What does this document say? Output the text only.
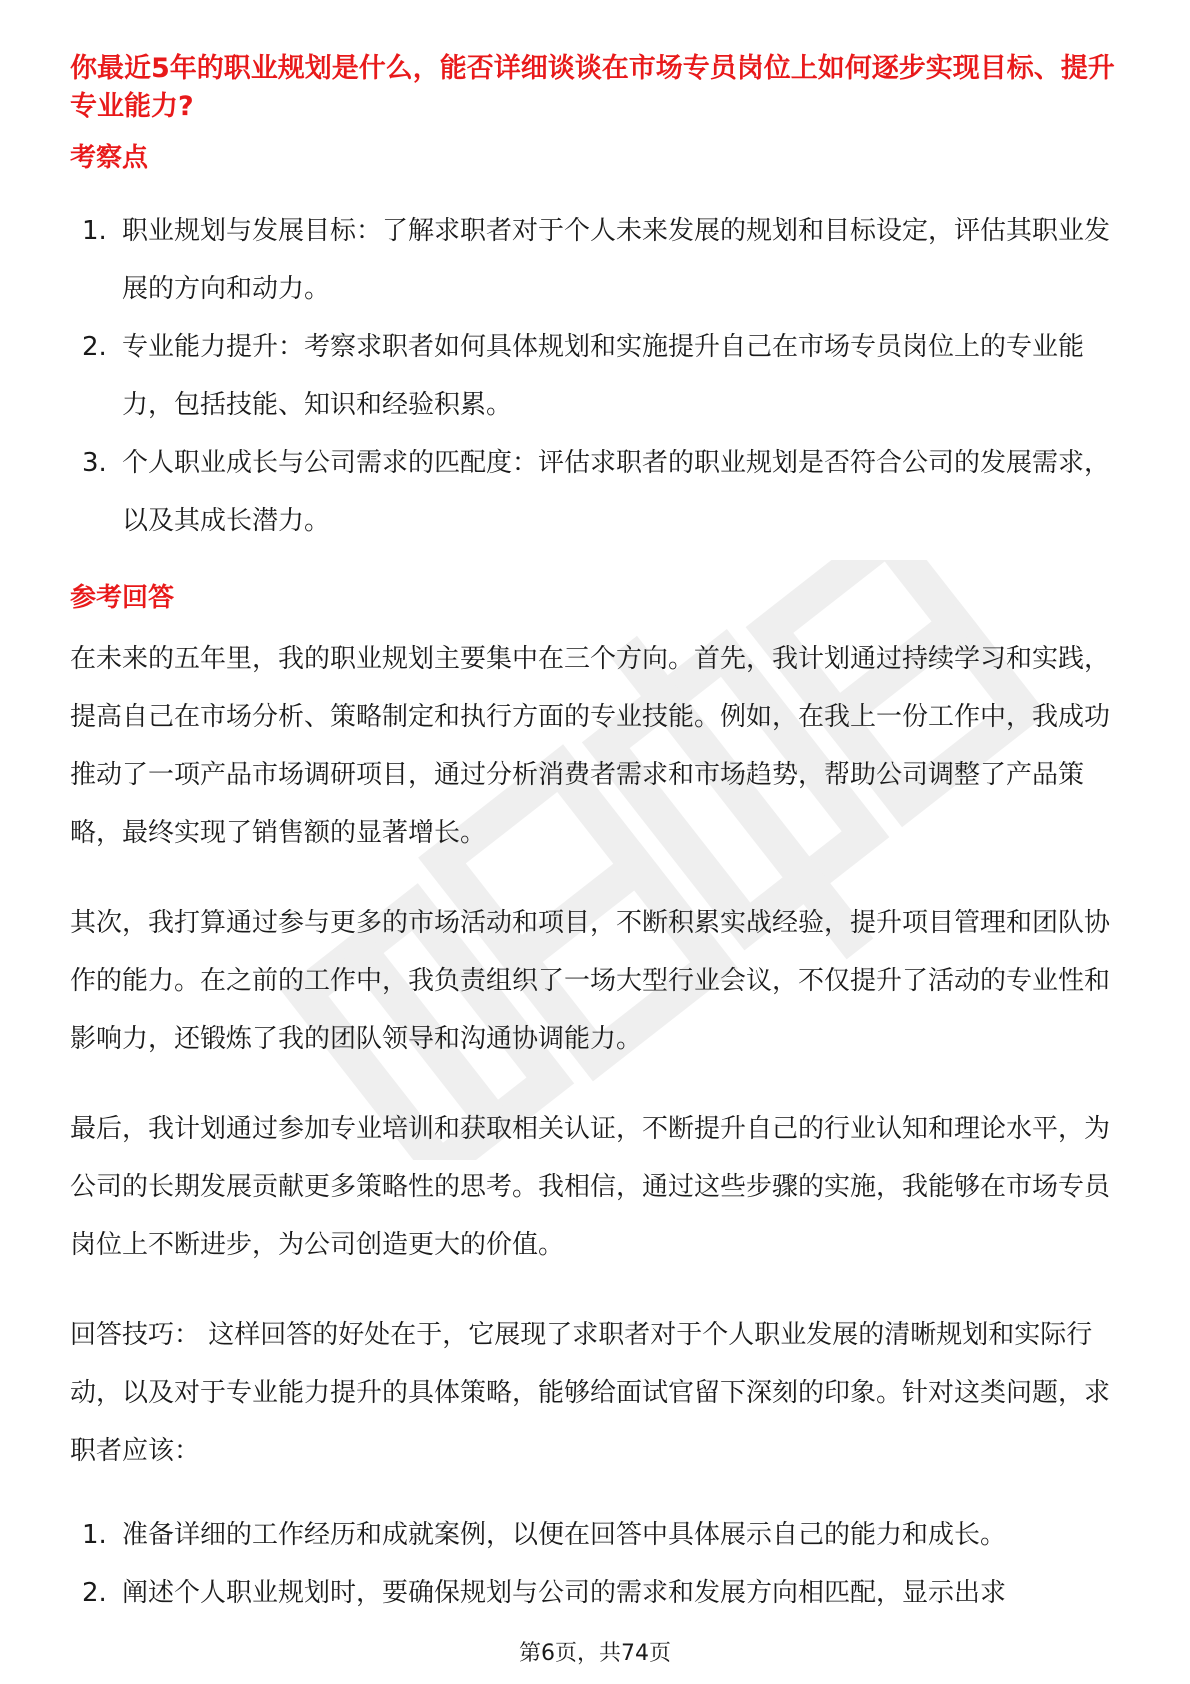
你最近5年的职业规划是什么，能否详细谈谈在市场专员岗位上如何逐步实现目标、提升专业能力?
考察点
1. 职业规划与发展目标：了解求职者对于个人未来发展的规划和目标设定，评估其职业发展的方向和动力。
2. 专业能力提升：考察求职者如何具体规划和实施提升自己在市场专员岗位上的专业能力，包括技能、知识和经验积累。
3. 个人职业成长与公司需求的匹配度：评估求职者的职业规划是否符合公司的发展需求，以及其成长潜力。
参考回答

在未来的五年里，我的职业规划主要集中在三个方向。首先，我计划通过持续学习和实践，提高自己在市场分析、策略制定和执行方面的专业技能。例如，在我上一份工作中，我成功推动了一项产品市场调研项目，通过分析消费者需求和市场趋势，帮助公司调整了产品策略，最终实现了销售额的显著增长。

其次，我打算通过参与更多的市场活动和项目，不断积累实战经验，提升项目管理和团队协作的能力。在之前的工作中，我负责组织了一场大型行业会议，不仅提升了活动的专业性和影响力，还锻炼了我的团队领导和沟通协调能力。

最后，我计划通过参加专业培训和获取相关认证，不断提升自己的行业认知和理论水平，为公司的长期发展贡献更多策略性的思考。我相信，通过这些步骤的实施，我能够在市场专员岗位上不断进步，为公司创造更大的价值。

回答技巧： 这样回答的好处在于，它展现了求职者对于个人职业发展的清晰规划和实际行动，以及对于专业能力提升的具体策略，能够给面试官留下深刻的印象。针对这类问题，求职者应该：

1. 准备详细的工作经历和成就案例，以便在回答中具体展示自己的能力和成长。
2. 阐述个人职业规划时，要确保规划与公司的需求和发展方向相匹配，显示出求
第6页，共74页
